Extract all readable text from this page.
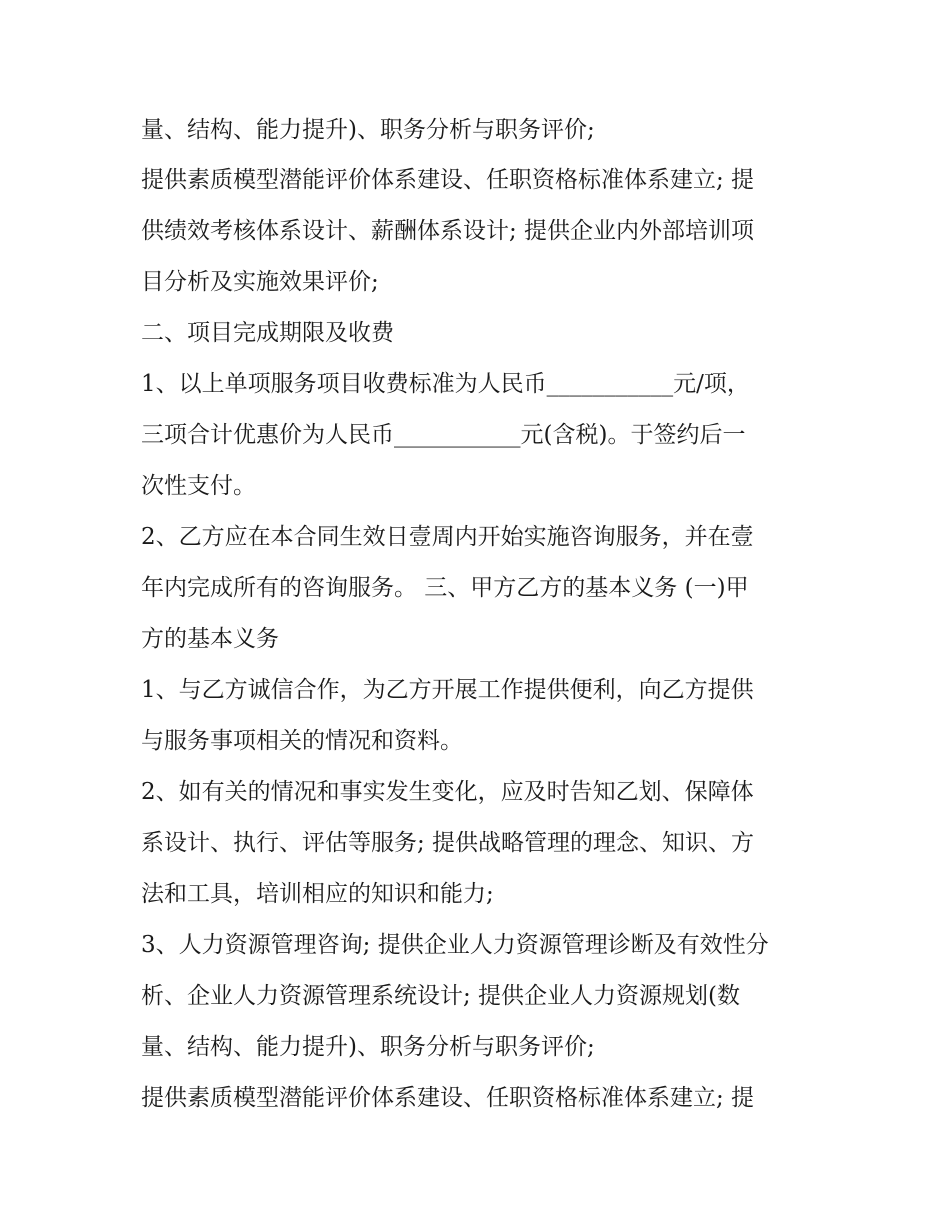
量、结构、能力提升)、职务分析与职务评价;
提供素质模型潜能评价体系建设、任职资格标准体系建立; 提
供绩效考核体系设计、薪酬体系设计; 提供企业内外部培训项
目分析及实施效果评价;
二、项目完成期限及收费
1、以上单项服务项目收费标准为人民币___________元/项，
三项合计优惠价为人民币___________元(含税)。于签约后一
次性支付。
2、乙方应在本合同生效日壹周内开始实施咨询服务，并在壹
年内完成所有的咨询服务。 三、甲方乙方的基本义务 (一)甲
方的基本义务
1、与乙方诚信合作，为乙方开展工作提供便利，向乙方提供
与服务事项相关的情况和资料。
2、如有关的情况和事实发生变化，应及时告知乙划、保障体
系设计、执行、评估等服务; 提供战略管理的理念、知识、方
法和工具，培训相应的知识和能力;
3、人力资源管理咨询; 提供企业人力资源管理诊断及有效性分
析、企业人力资源管理系统设计; 提供企业人力资源规划(数
量、结构、能力提升)、职务分析与职务评价;
提供素质模型潜能评价体系建设、任职资格标准体系建立; 提
